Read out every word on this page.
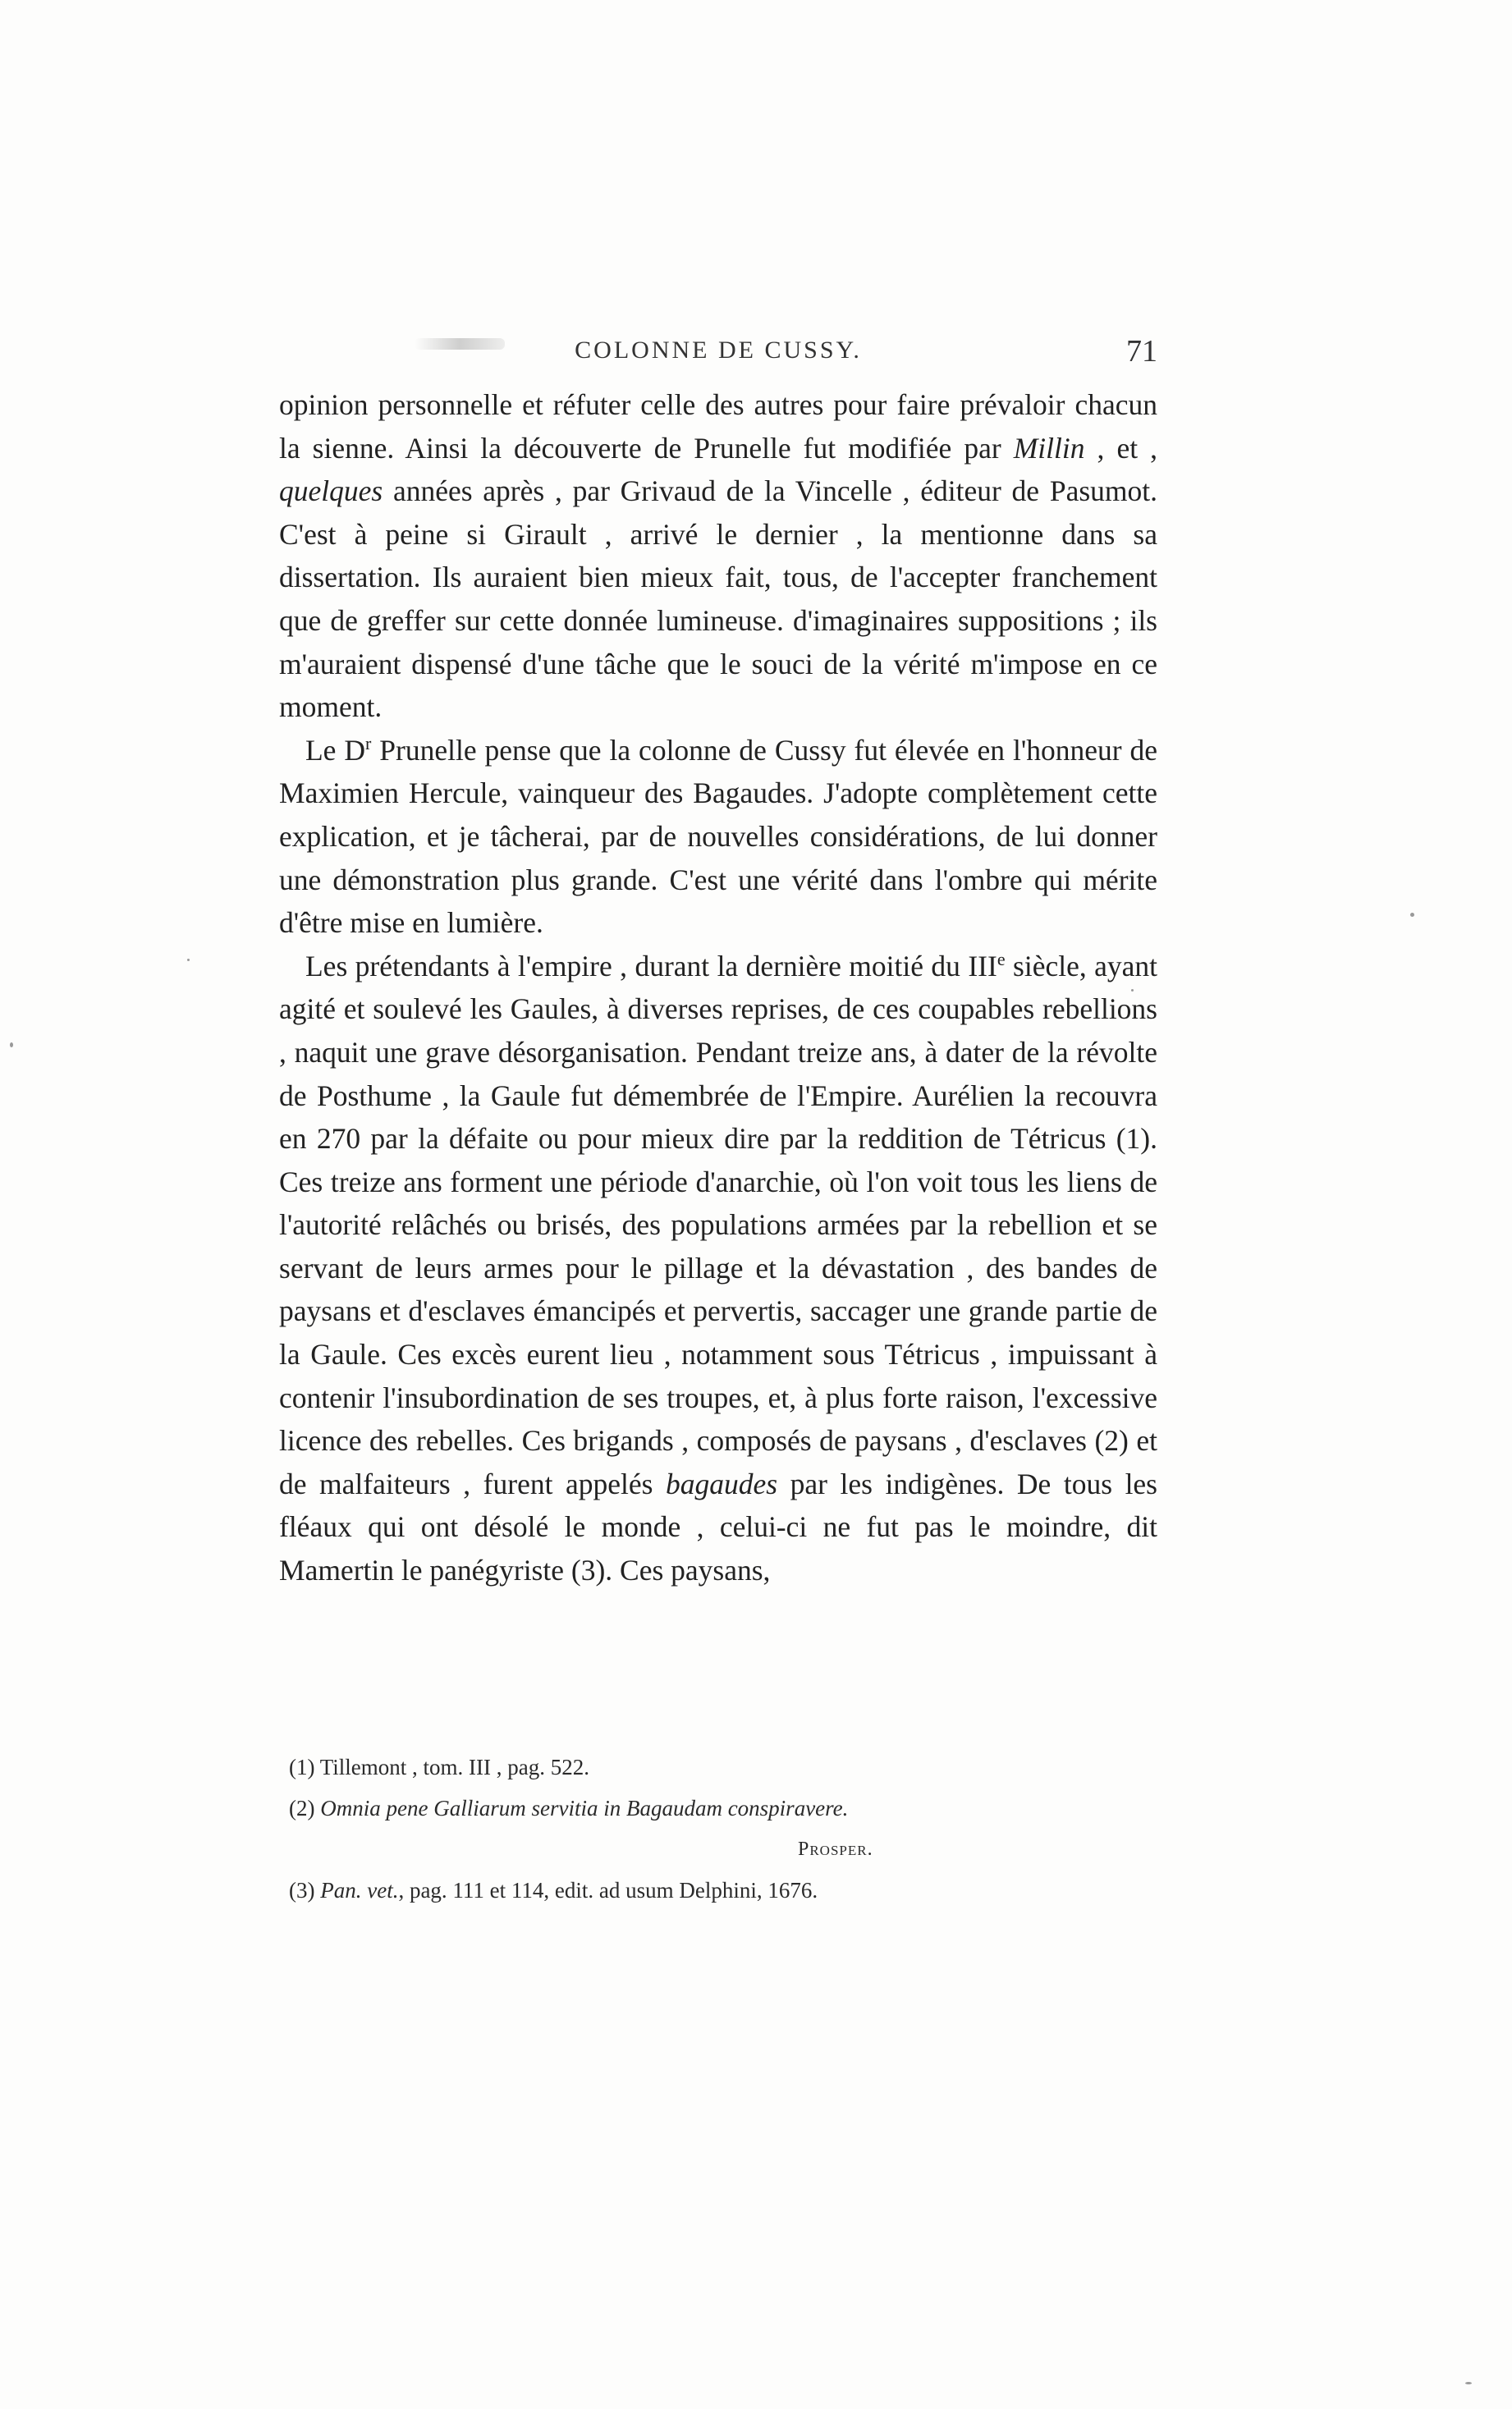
COLONNE DE CUSSY.	71

opinion personnelle et réfuter celle des autres pour faire prévaloir chacun la sienne. Ainsi la découverte de Prunelle fut modifiée par Millin , et , quelques années après , par Grivaud de la Vincelle , éditeur de Pasumot. C'est à peine si Girault , arrivé le dernier , la mentionne dans sa dissertation. Ils auraient bien mieux fait, tous, de l'accepter franchement que de greffer sur cette donnée lumineuse. d'imaginaires suppositions ; ils m'auraient dispensé d'une tâche que le souci de la vérité m'impose en ce moment.

Le $D^r$ Prunelle pense que la colonne de Cussy fut élevée en l'honneur de Maximien Hercule, vainqueur des Bagaudes. J'adopte complètement cette explication, et je tâcherai, par de nouvelles considérations, de lui donner une démonstration plus grande. C'est une vérité dans l'ombre qui mérite d'être mise en lumière.

Les prétendants à l'empire , durant la dernière moitié du IIIe siècle, ayant agité et soulevé les Gaules, à diverses reprises, de ces coupables rebellions , naquit une grave désorganisation. Pendant treize ans, à dater de la révolte de Posthume , la Gaule fut démembrée de l'Empire. Aurélien la recouvra en 270 par la défaite ou pour mieux dire par la reddition de Tétricus (1). Ces treize ans forment une période d'anarchie, où l'on voit tous les liens de l'autorité relâchés ou brisés, des populations armées par la rebellion et se servant de leurs armes pour le pillage et la dévastation , des bandes de paysans et d'esclaves émancipés et pervertis, saccager une grande partie de la Gaule. Ces excès eurent lieu , notamment sous Tétricus , impuissant à contenir l'insubordination de ses troupes, et, à plus forte raison, l'excessive licence des rebelles. Ces brigands , composés de paysans , d'esclaves (2) et de malfaiteurs , furent appelés bagaudes par les indigènes. De tous les fléaux qui ont désolé le monde , celui-ci ne fut pas le moindre, dit Mamertin le panégyriste (3). Ces paysans,

(1) Tillemont , tom. III , pag. 522.

(2) Omnia pene Galliarum servitia in Bagaudam conspiravere.

Prosper.

(3) Pan. vet., pag. 111 et 114, edit. ad usum Delphini, 1676.
